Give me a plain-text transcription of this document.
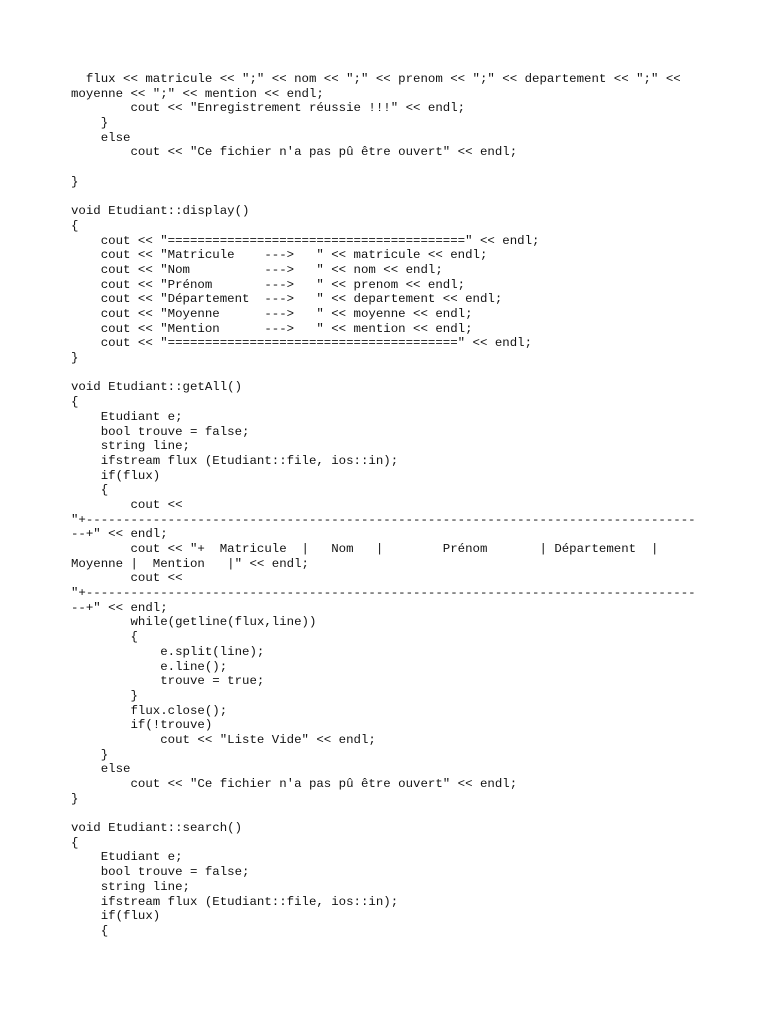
flux << matricule << ";" << nom << ";" << prenom << ";" << departement << ";" <<
moyenne << ";" << mention << endl;
cout << "Enregistrement réussie !!!" << endl;
}
else
cout << "Ce fichier n'a pas pû être ouvert" << endl;
}
void Etudiant::display()
{
cout << "========================================" << endl;
cout << "Matricule    --->   " << matricule << endl;
cout << "Nom          --->   " << nom << endl;
cout << "Prénom       --->   " << prenom << endl;
cout << "Département  --->   " << departement << endl;
cout << "Moyenne      --->   " << moyenne << endl;
cout << "Mention      --->   " << mention << endl;
cout << "=======================================" << endl;
}
void Etudiant::getAll()
{
Etudiant e;
bool trouve = false;
string line;
ifstream flux (Etudiant::file, ios::in);
if(flux)
{
cout <<
"+----------------------------------------------------------------------------------
--+" << endl;
cout << "+  Matricule  |   Nom   |        Prénom       | Département  |
Moyenne |  Mention   |" << endl;
cout <<
"+----------------------------------------------------------------------------------
--+" << endl;
while(getline(flux,line))
{
e.split(line);
e.line();
trouve = true;
}
flux.close();
if(!trouve)
cout << "Liste Vide" << endl;
}
else
cout << "Ce fichier n'a pas pû être ouvert" << endl;
}
void Etudiant::search()
{
Etudiant e;
bool trouve = false;
string line;
ifstream flux (Etudiant::file, ios::in);
if(flux)
{
